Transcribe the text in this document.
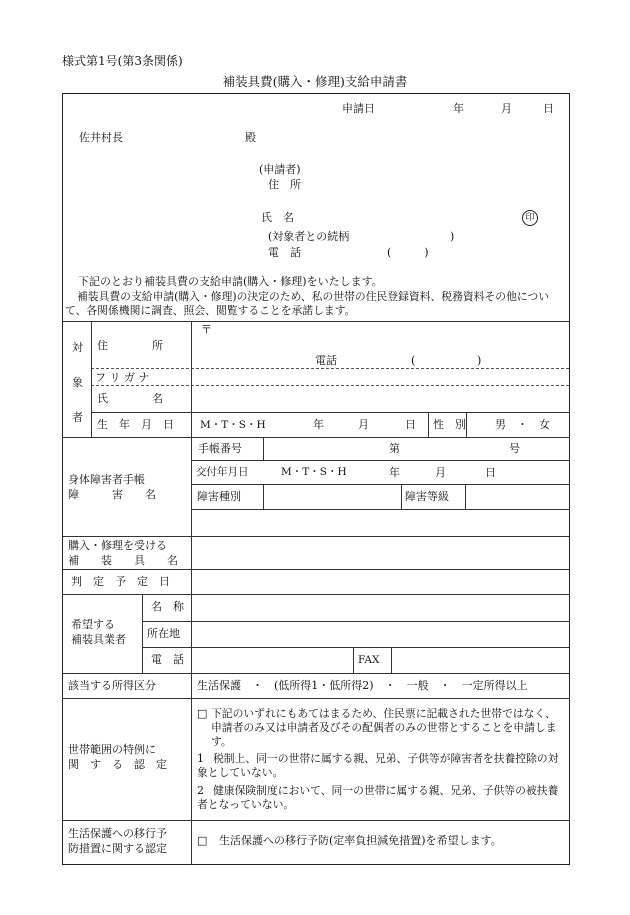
様式第1号(第3条関係)
補装具費(購入・修理)支給申請書
申請日	年	月	日
佐井村長	殿
(申請者)
住　所
氏　名	印
(対象者との続柄	)
電　話	(　　　)
下記のとおり補装具費の支給申請(購入・修理)をいたします。
補装具費の支給申請(購入・修理)の決定のため、私の世帯の住民登録資料、税務資料その他について、各関係機関に調査、照会、閲覧することを承諾します。
対
象
者
住　　　　所
〒
電話	(	)
フ リ ガ ナ
氏　　　　名
生　年　月　日 M・T・S・H	年	月	日 性　別	男　・　女
身体障害者手帳
障　　　害　　名
手帳番号	第	号
交付年月日	M・T・S・H	年	月	日
障害種別	障害等級
購入・修理を受ける
補　　装　　具　　名
判　定　予　定　日
希望する
補装具業者
名　称
所在地
電　話	FAX
該当する所得区分	生活保護　・　(低所得1・低所得2)　・　一般　・　一定所得以上
世帯範囲の特例に
関　す　る　認　定
□ 下記のいずれにもあてはまるため、住民票に記載された世帯ではなく、申請者のみ又は申請者及びその配偶者のみの世帯とすることを申請します。
1 税制上、同一の世帯に属する親、兄弟、子供等が障害者を扶養控除の対象としていない。
2 健康保険制度において、同一の世帯に属する親、兄弟、子供等の被扶養者となっていない。
生活保護への移行予
防措置に関する認定
□ 生活保護への移行予防(定率負担減免措置)を希望します。
